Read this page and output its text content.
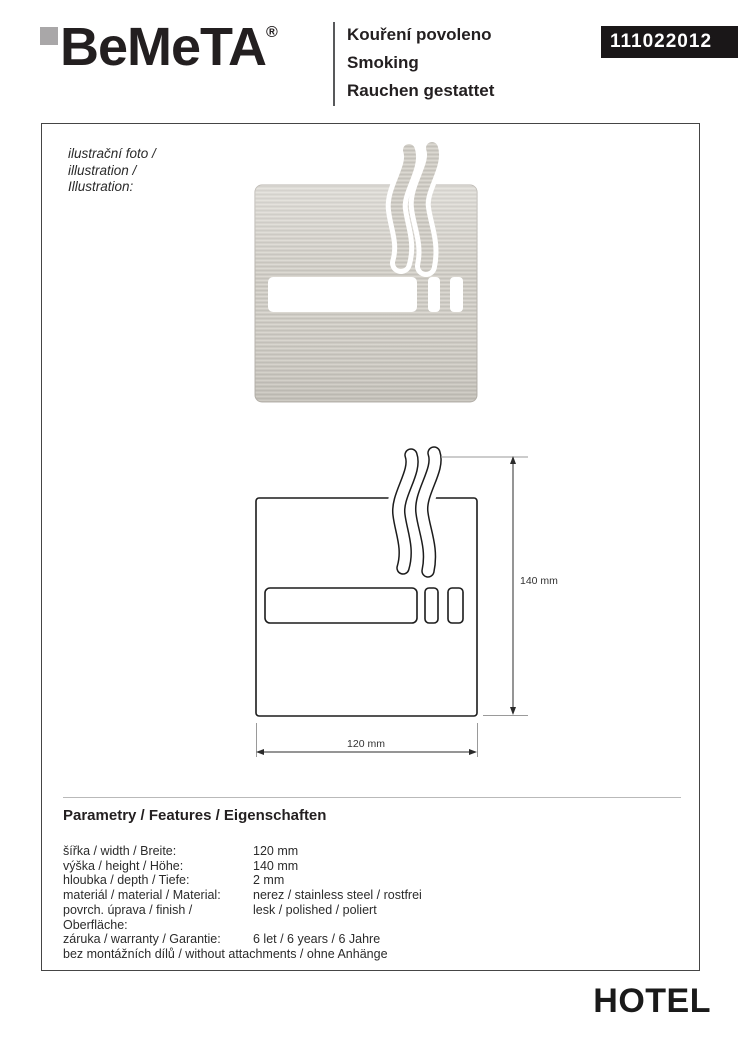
BeMeTA®	Kouření povoleno
Smoking
Rauchen gestattet
111022012
ilustrační foto /
illustration /
Illustration:
140 mm
120 mm
Parametry / Features / Eigenschaften
šířka / width / Breite:	120 mm
výška / height / Höhe:	140 mm
hloubka / depth / Tiefe:	2 mm
materiál / material / Material:	nerez / stainless steel / rostfrei
povrch. úprava / finish / Oberfläche:
lesk / polished / poliert
záruka / warranty / Garantie:	6 let / 6 years / 6 Jahre
bez montážních dílů / without attachments / ohne Anhänge
HOTEL
